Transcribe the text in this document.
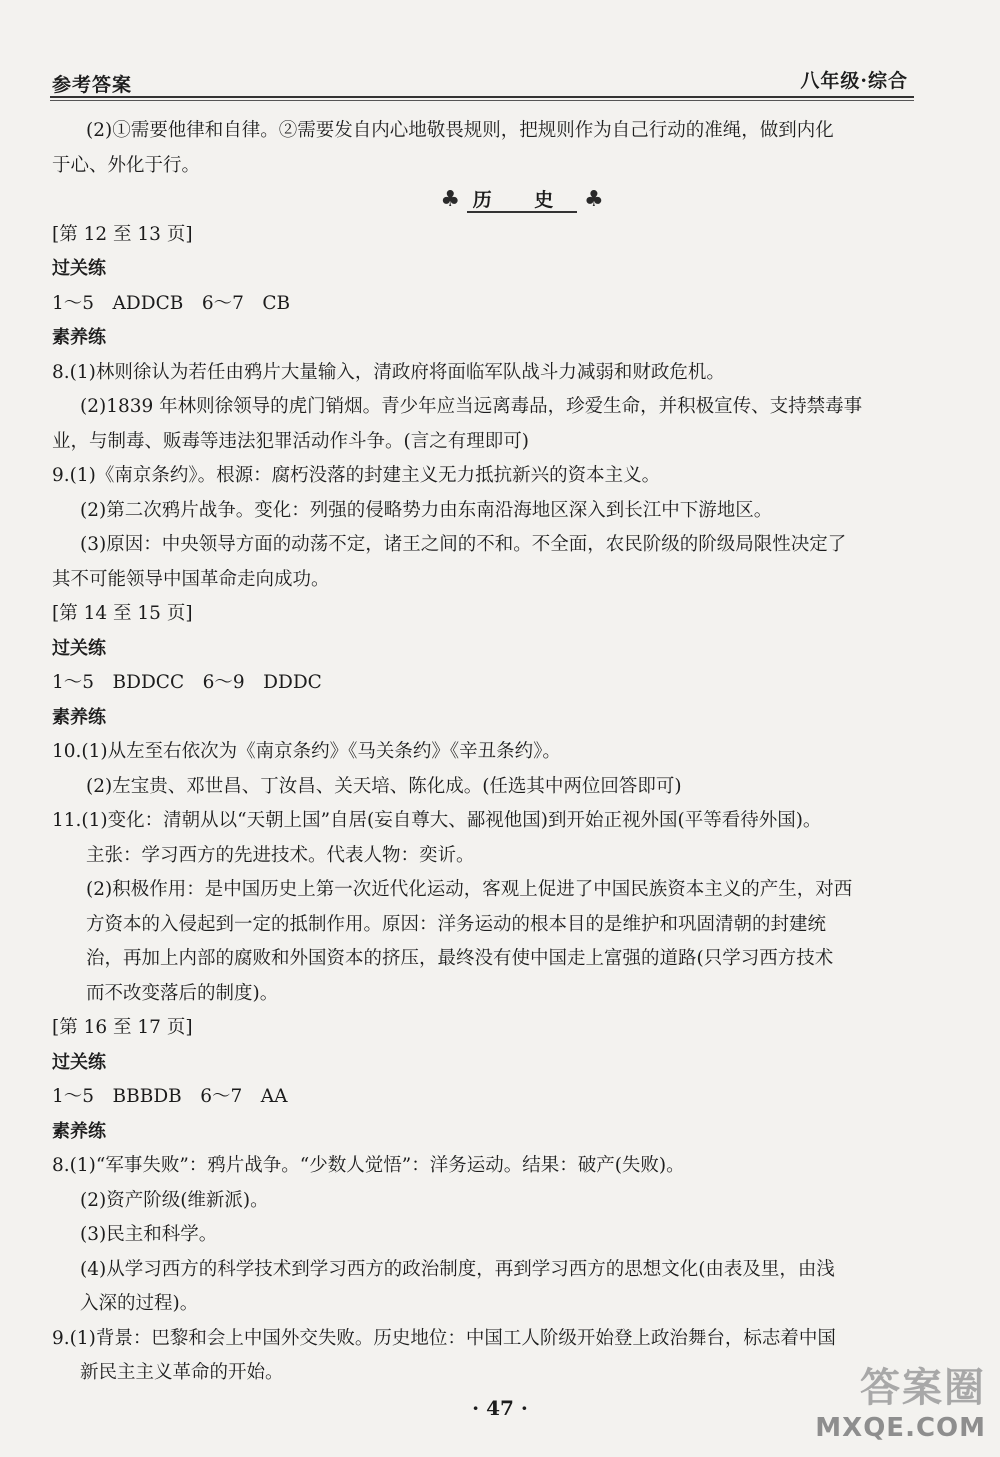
参考答案	八年级·综合
(2)①需要他律和自律。②需要发自内心地敬畏规则，把规则作为自己行动的准绳，做到内化
于心、外化于行。
♣ 历 史 ♣
[第 12 至 13 页]
过关练
1～5　ADDCB　6～7　CB
素养练
8.(1)林则徐认为若任由鸦片大量输入，清政府将面临军队战斗力减弱和财政危机。
(2)1839 年林则徐领导的虎门销烟。青少年应当远离毒品，珍爱生命，并积极宣传、支持禁毒事
业，与制毒、贩毒等违法犯罪活动作斗争。(言之有理即可)
9.(1)《南京条约》。根源：腐朽没落的封建主义无力抵抗新兴的资本主义。
(2)第二次鸦片战争。变化：列强的侵略势力由东南沿海地区深入到长江中下游地区。
(3)原因：中央领导方面的动荡不定，诸王之间的不和。不全面，农民阶级的阶级局限性决定了
其不可能领导中国革命走向成功。
[第 14 至 15 页]
过关练
1～5　BDDCC　6～9　DDDC
素养练
10.(1)从左至右依次为《南京条约》《马关条约》《辛丑条约》。
(2)左宝贵、邓世昌、丁汝昌、关天培、陈化成。(任选其中两位回答即可)
11.(1)变化：清朝从以“天朝上国”自居(妄自尊大、鄙视他国)到开始正视外国(平等看待外国)。
主张：学习西方的先进技术。代表人物：奕䜣。
(2)积极作用：是中国历史上第一次近代化运动，客观上促进了中国民族资本主义的产生，对西
方资本的入侵起到一定的抵制作用。原因：洋务运动的根本目的是维护和巩固清朝的封建统
治，再加上内部的腐败和外国资本的挤压，最终没有使中国走上富强的道路(只学习西方技术
而不改变落后的制度)。
[第 16 至 17 页]
过关练
1～5　BBBDB　6～7　AA
素养练
8.(1)“军事失败”：鸦片战争。“少数人觉悟”：洋务运动。结果：破产(失败)。
(2)资产阶级(维新派)。
(3)民主和科学。
(4)从学习西方的科学技术到学习西方的政治制度，再到学习西方的思想文化(由表及里，由浅
入深的过程)。
9.(1)背景：巴黎和会上中国外交失败。历史地位：中国工人阶级开始登上政治舞台，标志着中国
新民主主义革命的开始。
· 47 ·	答案圈
MXQE.COM
